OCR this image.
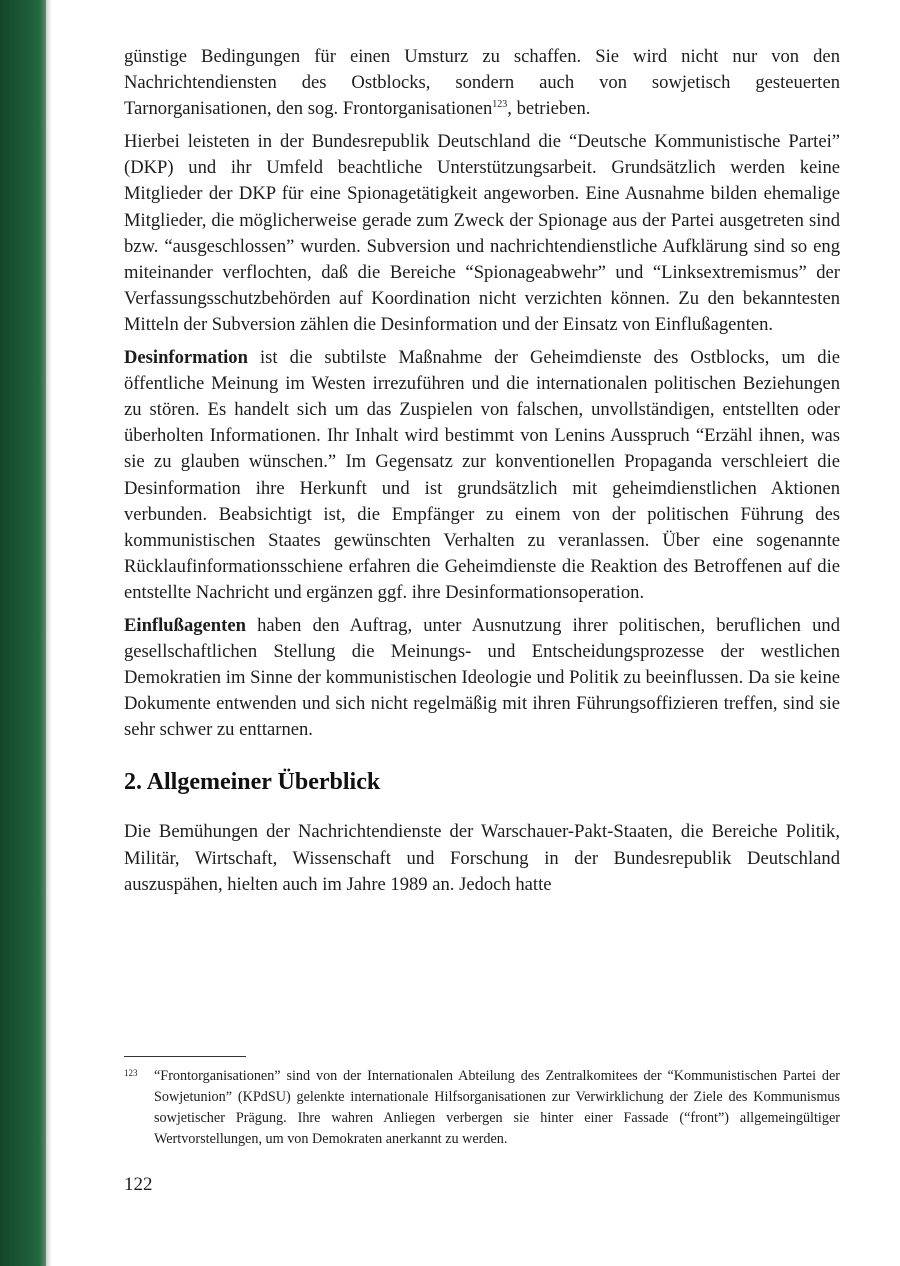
günstige Bedingungen für einen Umsturz zu schaffen. Sie wird nicht nur von den Nachrichtendiensten des Ostblocks, sondern auch von sowjetisch gesteuerten Tarnorganisationen, den sog. Frontorganisationen$^{123}$, betrieben.

Hierbei leisteten in der Bundesrepublik Deutschland die “Deutsche Kommunistische Partei” (DKP) und ihr Umfeld beachtliche Unterstützungsarbeit. Grundsätzlich werden keine Mitglieder der DKP für eine Spionagetätigkeit angeworben. Eine Ausnahme bilden ehemalige Mitglieder, die möglicherweise gerade zum Zweck der Spionage aus der Partei ausgetreten sind bzw. “ausgeschlossen” wurden. Subversion und nachrichtendienstliche Aufklärung sind so eng miteinander verflochten, daß die Bereiche “Spionageabwehr” und “Linksextremismus” der Verfassungsschutzbehörden auf Koordination nicht verzichten können. Zu den bekanntesten Mitteln der Subversion zählen die Desinformation und der Einsatz von Einflußagenten.

Desinformation ist die subtilste Maßnahme der Geheimdienste des Ostblocks, um die öffentliche Meinung im Westen irrezuführen und die internationalen politischen Beziehungen zu stören. Es handelt sich um das Zuspielen von falschen, unvollständigen, entstellten oder überholten Informationen. Ihr Inhalt wird bestimmt von Lenins Ausspruch “Erzähl ihnen, was sie zu glauben wünschen.” Im Gegensatz zur konventionellen Propaganda verschleiert die Desinformation ihre Herkunft und ist grundsätzlich mit geheimdienstlichen Aktionen verbunden. Beabsichtigt ist, die Empfänger zu einem von der politischen Führung des kommunistischen Staates gewünschten Verhalten zu veranlassen. Über eine sogenannte Rücklaufinformationsschiene erfahren die Geheimdienste die Reaktion des Betroffenen auf die entstellte Nachricht und ergänzen ggf. ihre Desinformationsoperation.

Einflußagenten haben den Auftrag, unter Ausnutzung ihrer politischen, beruflichen und gesellschaftlichen Stellung die Meinungs- und Entscheidungsprozesse der westlichen Demokratien im Sinne der kommunistischen Ideologie und Politik zu beeinflussen. Da sie keine Dokumente entwenden und sich nicht regelmäßig mit ihren Führungsoffizieren treffen, sind sie sehr schwer zu enttarnen.

2. Allgemeiner Überblick

Die Bemühungen der Nachrichtendienste der Warschauer-Pakt-Staaten, die Bereiche Politik, Militär, Wirtschaft, Wissenschaft und Forschung in der Bundesrepublik Deutschland auszuspähen, hielten auch im Jahre 1989 an. Jedoch hatte

123 “Frontorganisationen” sind von der Internationalen Abteilung des Zentralkomitees der “Kommunistischen Partei der Sowjetunion” (KPdSU) gelenkte internationale Hilfsorganisationen zur Verwirklichung der Ziele des Kommunismus sowjetischer Prägung. Ihre wahren Anliegen verbergen sie hinter einer Fassade (“front”) allgemeingültiger Wertvorstellungen, um von Demokraten anerkannt zu werden.
122
